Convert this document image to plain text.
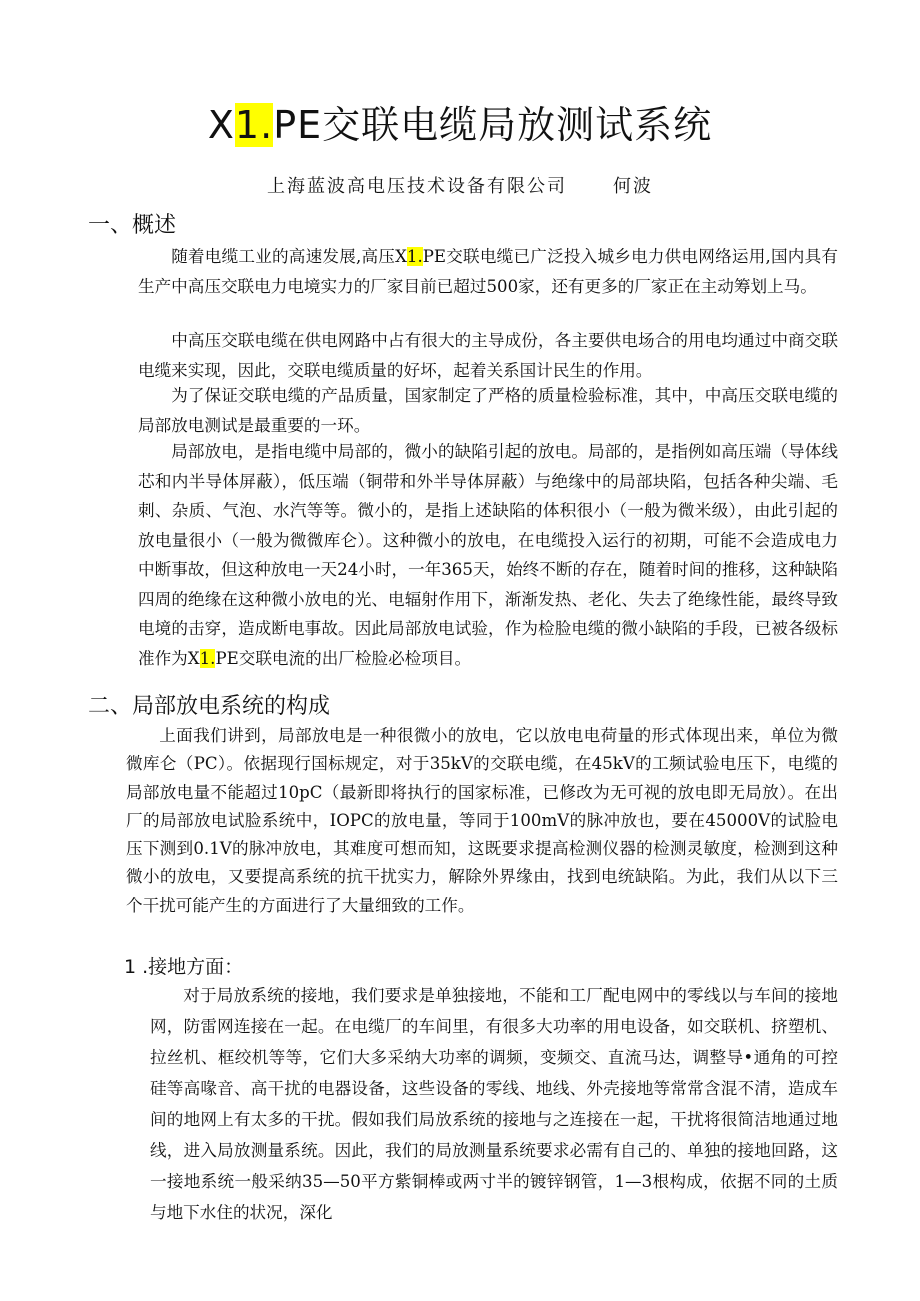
X1.PE交联电缆局放测试系统
上海蓝波高电压技术设备有限公司	何波
一、概述

随着电缆工业的高速发展,高压X1.PE交联电缆已广泛投入城乡电力供电网络运用,国内具有生产中高压交联电力电境实力的厂家目前已超过500家，还有更多的厂家正在主动筹划上马。

中高压交联电缆在供电网路中占有很大的主导成份，各主要供电场合的用电均通过中商交联电缆来实现，因此，交联电缆质量的好坏，起着关系国计民生的作用。

为了保证交联电缆的产品质量，国家制定了严格的质量检验标准，其中，中高压交联电缆的局部放电测试是最重要的一环。

局部放电，是指电缆中局部的，微小的缺陷引起的放电。局部的，是指例如高压端（导体线芯和内半导体屏蔽），低压端（铜带和外半导体屏蔽）与绝缘中的局部块陷，包括各种尖端、毛刺、杂质、气泡、水汽等等。微小的，是指上述缺陷的体积很小（一般为微米级），由此引起的放电量很小（一般为微微库仑）。这种微小的放电，在电缆投入运行的初期，可能不会造成电力中断事故，但这种放电一天24小时，一年365天，始终不断的存在，随着时间的推移，这种缺陷四周的绝缘在这种微小放电的光、电辐射作用下，渐渐发热、老化、失去了绝缘性能，最终导致电境的击穿，造成断电事故。因此局部放电试验，作为检脸电缆的微小缺陷的手段，已被各级标准作为X1.PE交联电流的出厂检脸必检项目。

二、局部放电系统的构成

上面我们讲到，局部放电是一种很微小的放电，它以放电电荷量的形式体现出来，单位为微微库仑（PC）。依据现行国标规定，对于35kV的交联电缆，在45kV的工频试验电压下，电缆的局部放电量不能超过10pC（最新即将执行的国家标准，已修改为无可视的放电即无局放）。在出厂的局部放电试脸系统中，IOPC的放电量，等同于100mV的脉冲放也，要在45000V的试脸电压下测到0.1V的脉冲放电，其难度可想而知，这既要求提高检测仪器的检测灵敏度，检测到这种微小的放电，又要提高系统的抗干扰实力，解除外界缘由，找到电统缺陷。为此，我们从以下三个干扰可能产生的方面进行了大量细致的工作。

1 .接地方面：

对于局放系统的接地，我们要求是单独接地，不能和工厂配电网中的零线以与车间的接地网，防雷网连接在一起。在电缆厂的车间里，有很多大功率的用电设备，如交联机、挤塑机、拉丝机、框绞机等等，它们大多采纳大功率的调频，变频交、直流马达，调整导•通角的可控硅等高喙音、高干扰的电器设备，这些设备的零线、地线、外壳接地等常常含混不清，造成车间的地网上有太多的干扰。假如我们局放系统的接地与之连接在一起，干扰将很简洁地通过地线，进入局放测量系统。因此，我们的局放测量系统要求必需有自己的、单独的接地回路，这一接地系统一般采纳35—50平方紫铜棒或两寸半的镀锌钢管，1—3根构成，依据不同的土质与地下水住的状况，深化
